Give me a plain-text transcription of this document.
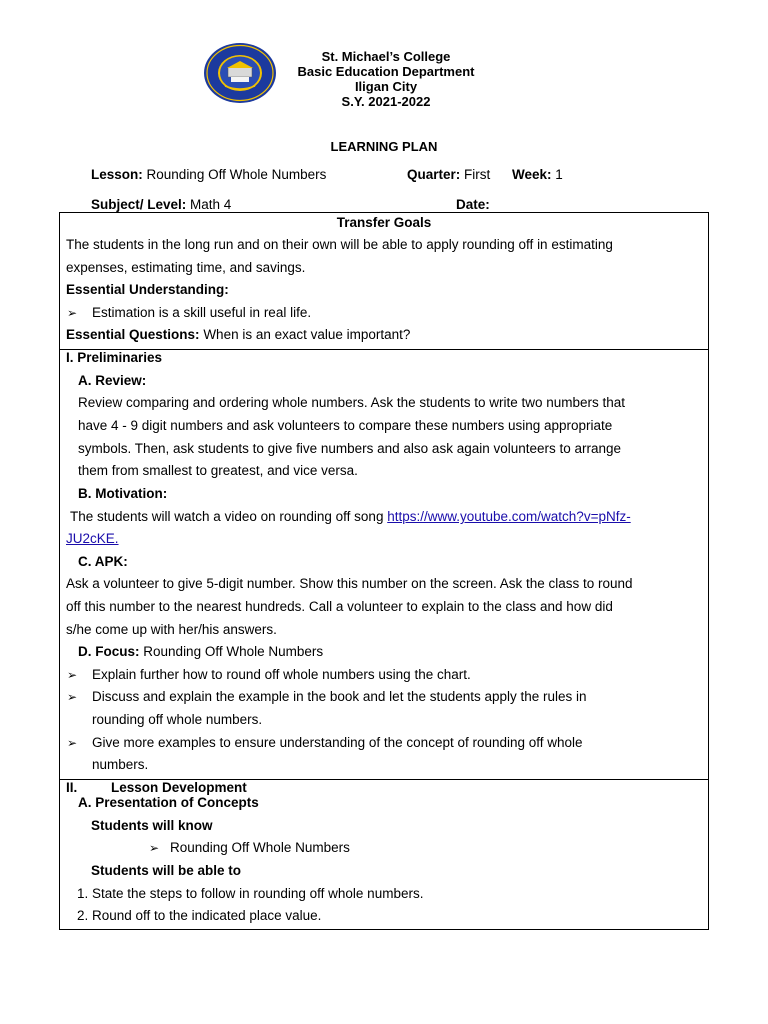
St. Michael’s College
Basic Education Department
Iligan City
S.Y. 2021-2022
LEARNING PLAN
Lesson: Rounding Off Whole Numbers	Quarter: First Week: 1
Subject/ Level: Math 4	Date:
Transfer Goals
The students in the long run and on their own will be able to apply rounding off in estimating
expenses, estimating time, and savings.
Essential Understanding:
➢ Estimation is a skill useful in real life.
Essential Questions: When is an exact value important?
I. Preliminaries
A. Review:
Review comparing and ordering whole numbers. Ask the students to write two numbers that
have 4 - 9 digit numbers and ask volunteers to compare these numbers using appropriate
symbols. Then, ask students to give five numbers and also ask again volunteers to arrange
them from smallest to greatest, and vice versa.
B. Motivation:
The students will watch a video on rounding off song https://www.youtube.com/watch?v=pNfz-
JU2cKE.
C. APK:
Ask a volunteer to give 5-digit number. Show this number on the screen. Ask the class to round
off this number to the nearest hundreds. Call a volunteer to explain to the class and how did
s/he come up with her/his answers.
D. Focus: Rounding Off Whole Numbers
➢ Explain further how to round off whole numbers using the chart.
➢ Discuss and explain the example in the book and let the students apply the rules in
rounding off whole numbers.
➢ Give more examples to ensure understanding of the concept of rounding off whole
numbers.
II. Lesson Development
A. Presentation of Concepts
Students will know
➢ Rounding Off Whole Numbers
Students will be able to
1. State the steps to follow in rounding off whole numbers.
2. Round off to the indicated place value.
